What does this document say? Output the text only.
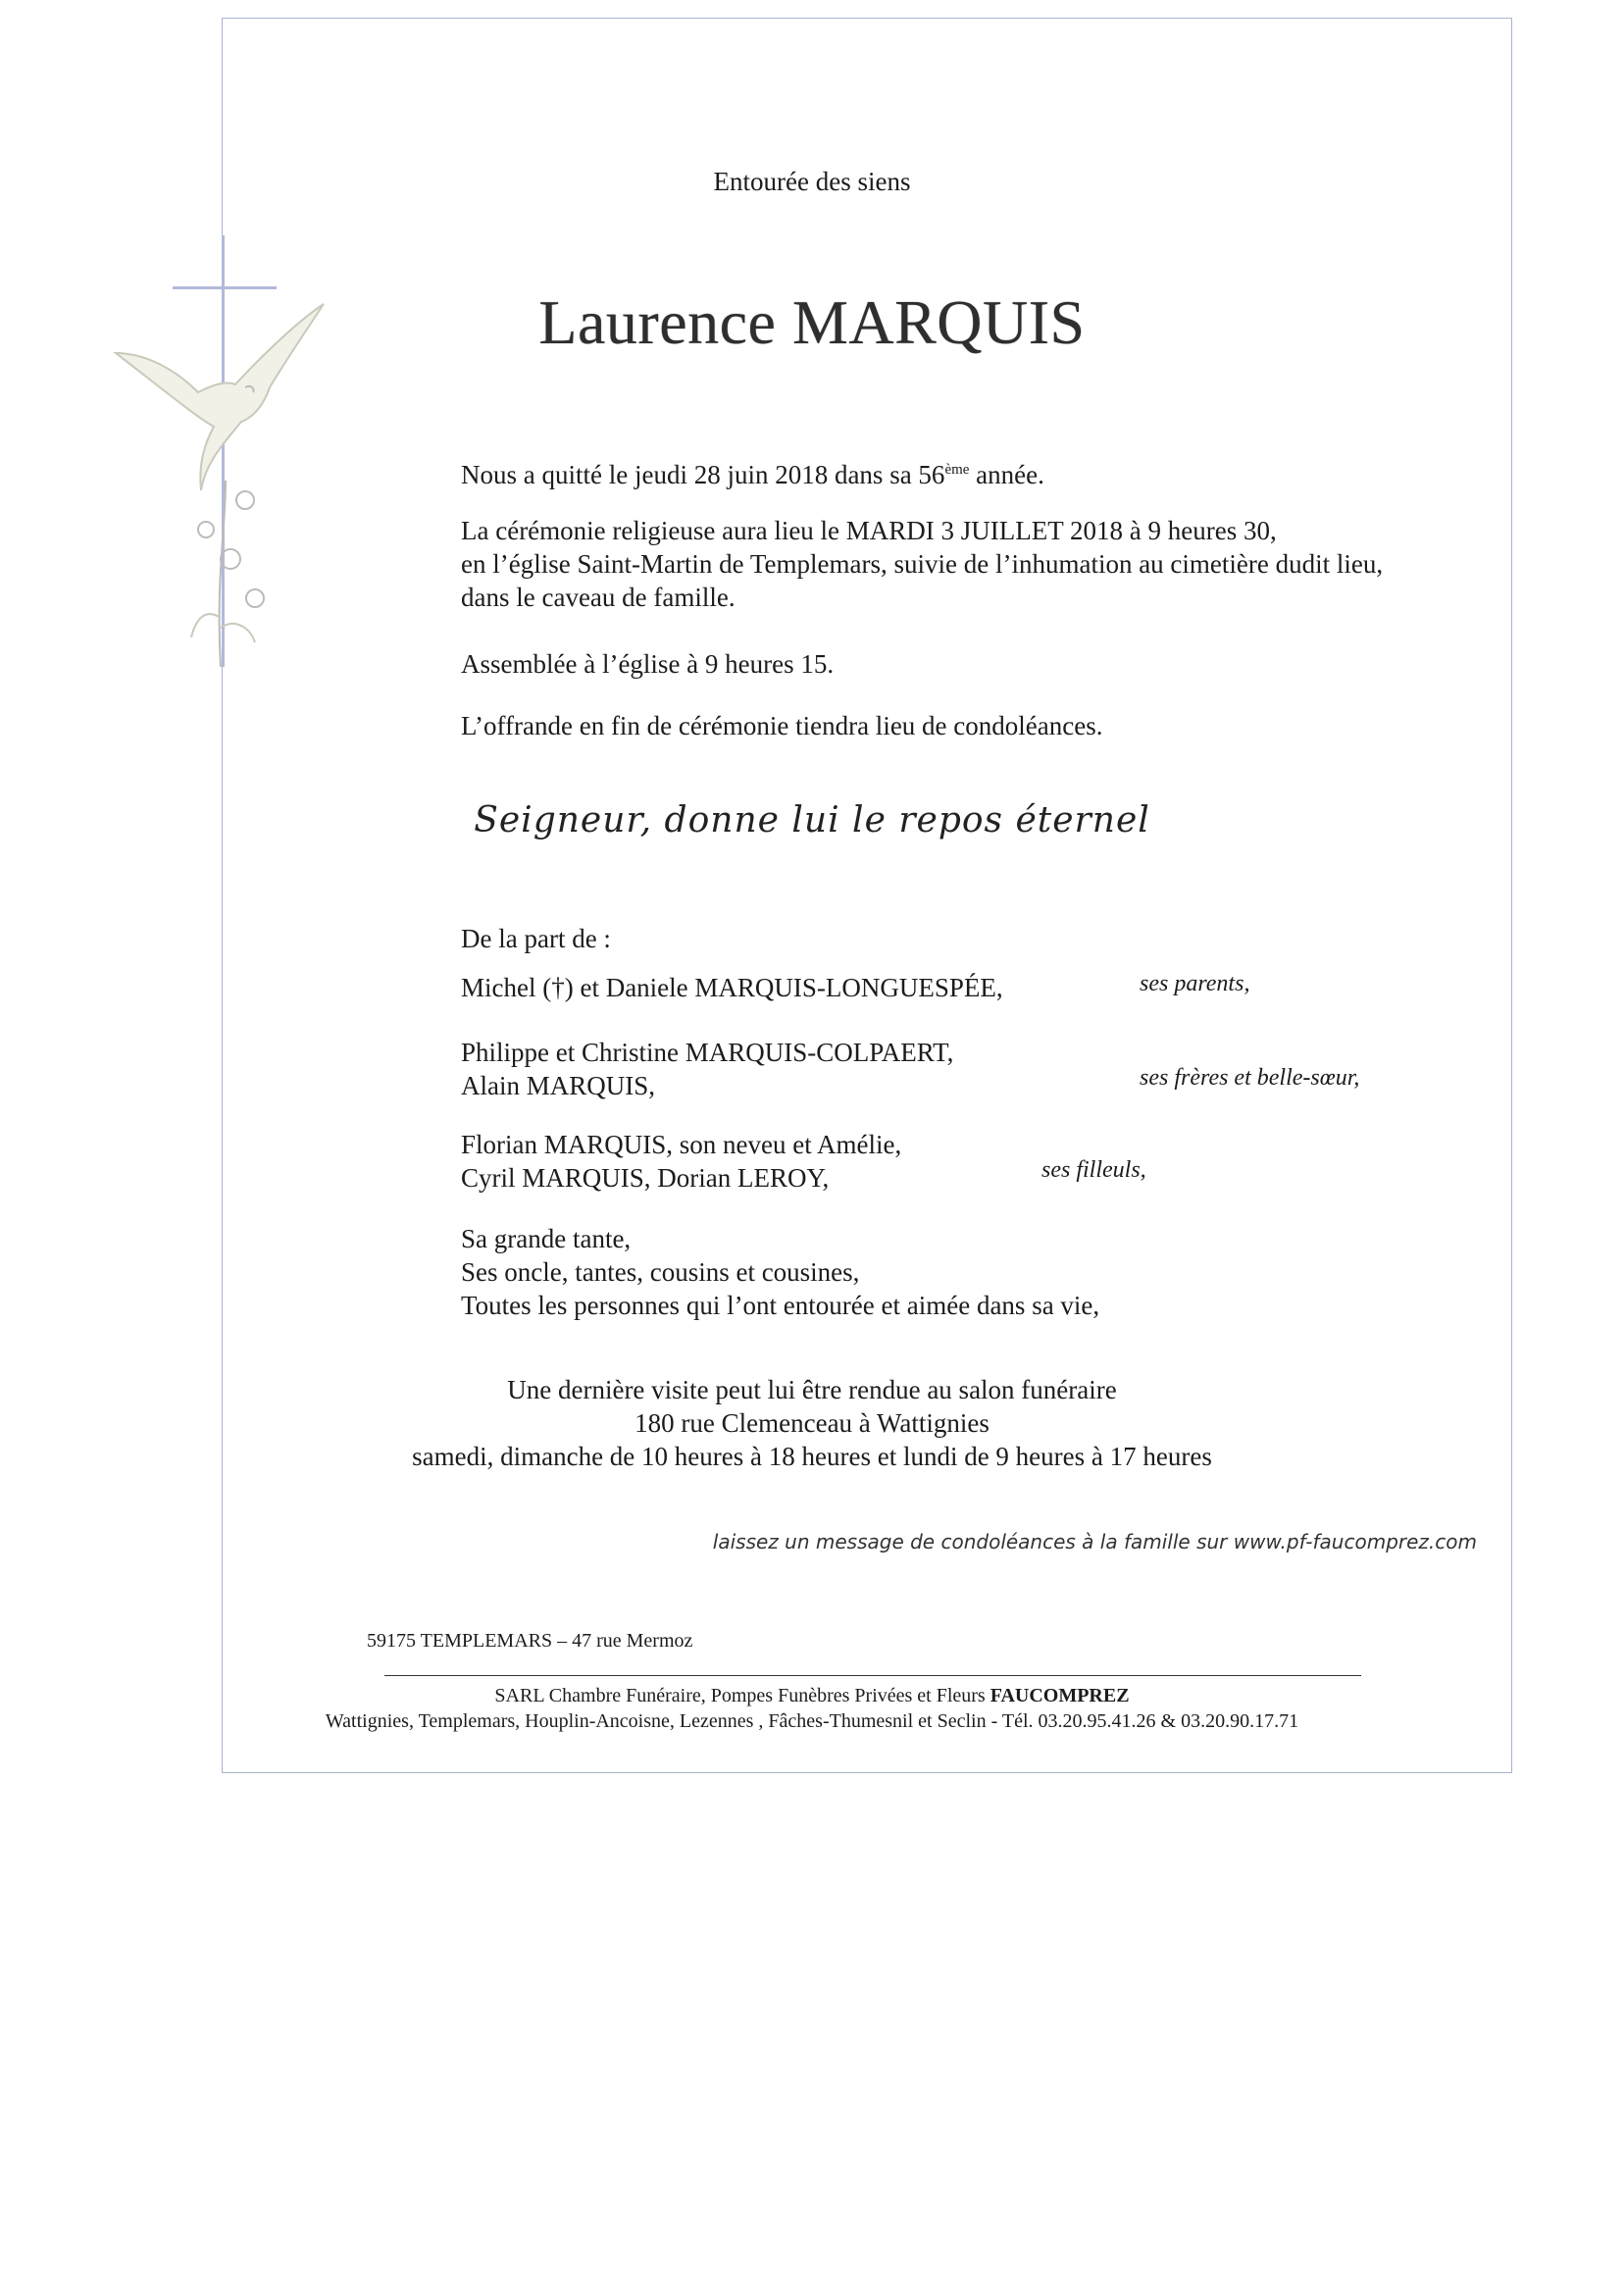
Entourée des siens
Laurence MARQUIS
Nous a quitté le jeudi 28 juin 2018 dans sa 56ème année.
La cérémonie religieuse aura lieu le MARDI 3 JUILLET 2018 à 9 heures 30,
en l’église Saint-Martin de Templemars, suivie de l’inhumation au cimetière dudit lieu,
dans le caveau de famille.
Assemblée à l’église à 9 heures 15.
L’offrande en fin de cérémonie tiendra lieu de condoléances.
Seigneur, donne lui le repos éternel
De la part de :
Michel (†) et Daniele MARQUIS-LONGUESPÉE,	ses parents,
Philippe et Christine MARQUIS-COLPAERT,
Alain MARQUIS,	ses frères et belle-sœur,
Florian MARQUIS, son neveu et Amélie,
Cyril MARQUIS, Dorian LEROY,	ses filleuls,
Sa grande tante,
Ses oncle, tantes, cousins et cousines,
Toutes les personnes qui l’ont entourée et aimée dans sa vie,
Une dernière visite peut lui être rendue au salon funéraire
180 rue Clemenceau à Wattignies
samedi, dimanche de 10 heures à 18 heures et lundi de 9 heures à 17 heures
laissez un message de condoléances à la famille sur www.pf-faucomprez.com
59175 TEMPLEMARS – 47 rue Mermoz
SARL Chambre Funéraire, Pompes Funèbres Privées et Fleurs FAUCOMPREZ
Wattignies, Templemars, Houplin-Ancoisne, Lezennes , Fâches-Thumesnil et Seclin - Tél. 03.20.95.41.26 & 03.20.90.17.71
